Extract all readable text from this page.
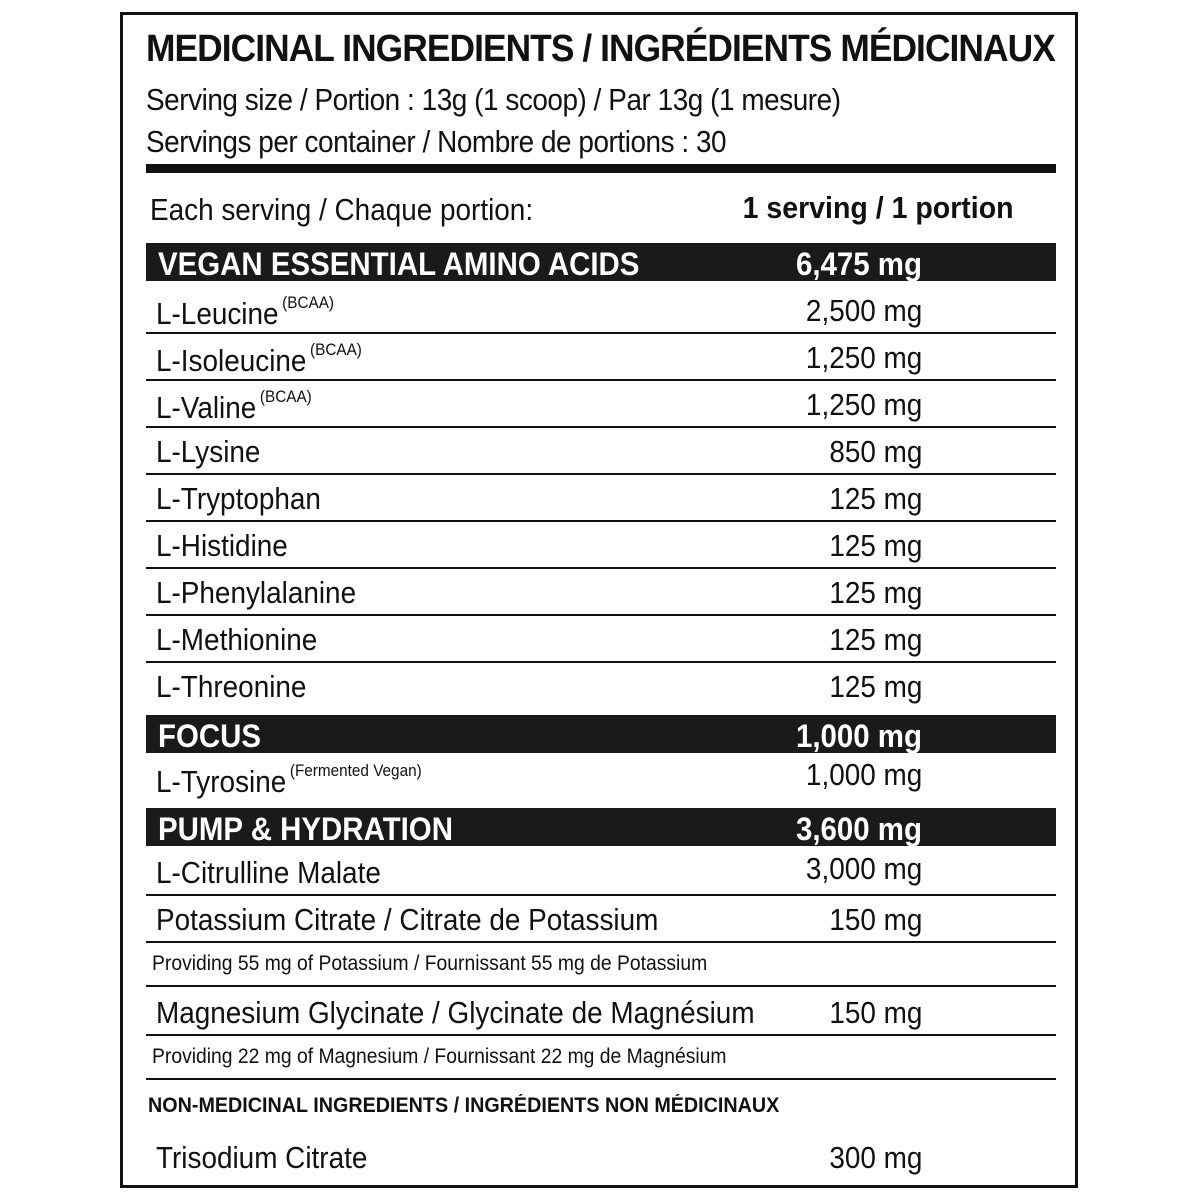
MEDICINAL INGREDIENTS / INGRÉDIENTS MÉDICINAUX
Serving size / Portion : 13g (1 scoop) / Par 13g (1 mesure)
Servings per container / Nombre de portions : 30
Each serving / Chaque portion:	1 serving / 1 portion
VEGAN ESSENTIAL AMINO ACIDS	6,475 mg
L-Leucine $^{(BCAA)}$	2,500 mg
L-Isoleucine $^{(BCAA)}$	1,250 mg
L-Valine $^{(BCAA)}$	1,250 mg
L-Lysine	850 mg
L-Tryptophan	125 mg
L-Histidine	125 mg
L-Phenylalanine	125 mg
L-Methionine	125 mg
L-Threonine	125 mg
FOCUS	1,000 mg
L-Tyrosine $^{(Fermented Vegan)}$	1,000 mg
PUMP & HYDRATION	3,600 mg
L-Citrulline Malate	3,000 mg
Potassium Citrate / Citrate de Potassium	150 mg
Providing 55 mg of Potassium / Fournissant 55 mg de Potassium
Magnesium Glycinate / Glycinate de Magnésium 150 mg
Providing 22 mg of Magnesium / Fournissant 22 mg de Magnésium
NON-MEDICINAL INGREDIENTS / INGRÉDIENTS NON MÉDICINAUX
Trisodium Citrate	300 mg
